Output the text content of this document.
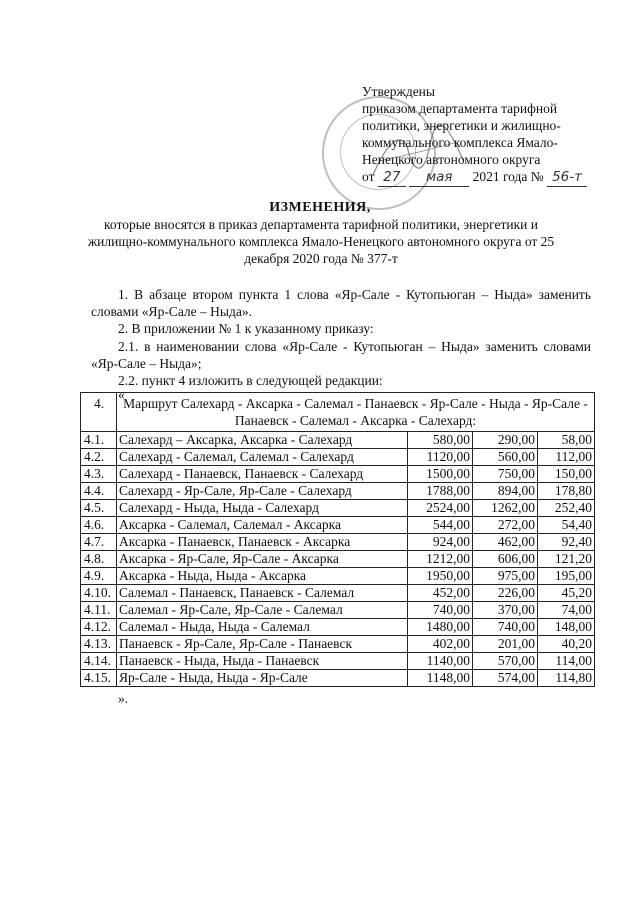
Утверждены
приказом департамента тарифной
политики, энергетики и жилищно-
коммунального комплекса Ямало-
Ненецкого автономного округа
от 27 мая 2021 года № 56-т
ИЗМЕНЕНИЯ,
которые вносятся в приказ департамента тарифной политики, энергетики и жилищно-коммунального комплекса Ямало-Ненецкого автономного округа от 25 декабря 2020 года № 377-т
1. В абзаце втором пункта 1 слова «Яр-Сале - Кутопьюган – Ныда» заменить словами «Яр-Сале – Ныда».
2. В приложении № 1 к указанному приказу:
2.1. в наименовании слова «Яр-Сале - Кутопьюган – Ныда» заменить словами «Яр-Сале – Ныда»;
2.2. пункт 4 изложить в следующей редакции:
«
4.	Маршрут Салехард - Аксарка - Салемал - Панаевск - Яр-Сале - Ныда - Яр-Сале - Панаевск - Салемал - Аксарка - Салехард:			
4.1.	Салехард – Аксарка, Аксарка - Салехард	580,00	290,00	58,00
4.2.	Салехард - Салемал, Салемал - Салехард	1120,00	560,00	112,00
4.3.	Салехард - Панаевск, Панаевск - Салехард	1500,00	750,00	150,00
4.4.	Салехард - Яр-Сале, Яр-Сале - Салехард	1788,00	894,00	178,80
4.5.	Салехард - Ныда, Ныда - Салехард	2524,00	1262,00	252,40
4.6.	Аксарка - Салемал, Салемал - Аксарка	544,00	272,00	54,40
4.7.	Аксарка - Панаевск, Панаевск - Аксарка	924,00	462,00	92,40
4.8.	Аксарка - Яр-Сале, Яр-Сале - Аксарка	1212,00	606,00	121,20
4.9.	Аксарка - Ныда, Ныда - Аксарка	1950,00	975,00	195,00
4.10.	Салемал - Панаевск, Панаевск - Салемал	452,00	226,00	45,20
4.11.	Салемал - Яр-Сале, Яр-Сале - Салемал	740,00	370,00	74,00
4.12.	Салемал - Ныда, Ныда - Салемал	1480,00	740,00	148,00
4.13.	Панаевск - Яр-Сале, Яр-Сале - Панаевск	402,00	201,00	40,20
4.14.	Панаевск - Ныда, Ныда - Панаевск	1140,00	570,00	114,00
4.15.	Яр-Сале - Ныда, Ныда - Яр-Сале	1148,00	574,00	114,80
».
